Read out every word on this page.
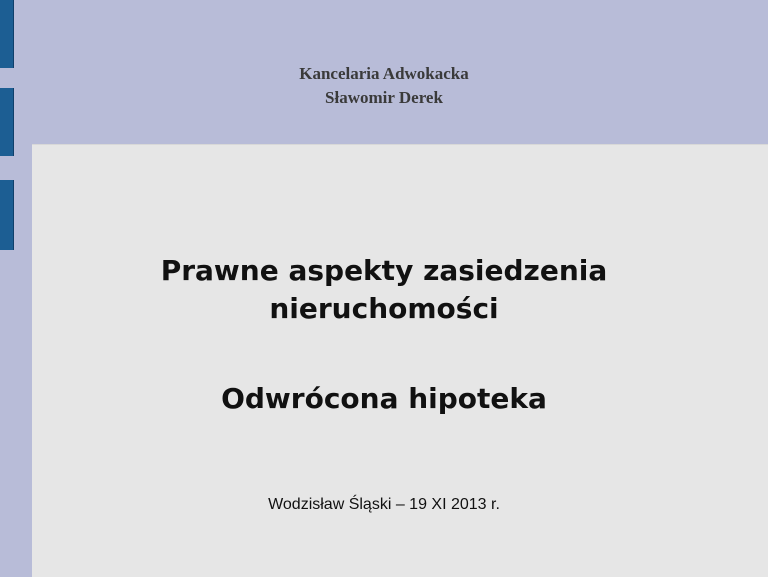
Kancelaria Adwokacka
Sławomir Derek
Prawne aspekty zasiedzenia
nieruchomości
Odwrócona hipoteka
Wodzisław Śląski – 19 XI 2013 r.
